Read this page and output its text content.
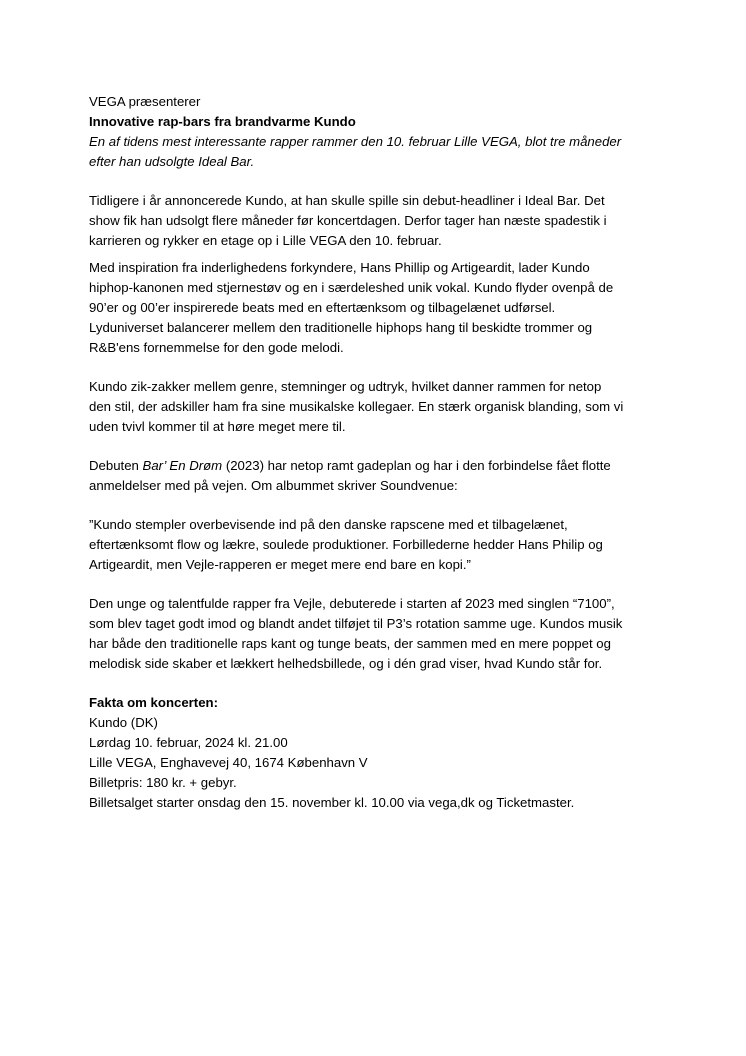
VEGA præsenterer
Innovative rap-bars fra brandvarme Kundo
En af tidens mest interessante rapper rammer den 10. februar Lille VEGA, blot tre måneder
efter han udsolgte Ideal Bar.
Tidligere i år annoncerede Kundo, at han skulle spille sin debut-headliner i Ideal Bar. Det
show fik han udsolgt flere måneder før koncertdagen. Derfor tager han næste spadestik i
karrieren og rykker en etage op i Lille VEGA den 10. februar.
Med inspiration fra inderlighedens forkyndere, Hans Phillip og Artigeardit, lader Kundo
hiphop-kanonen med stjernestøv og en i særdeleshed unik vokal. Kundo flyder ovenpå de
90’er og 00’er inspirerede beats med en eftertænksom og tilbagelænet udførsel.
Lyduniverset balancerer mellem den traditionelle hiphops hang til beskidte trommer og
R&B'ens fornemmelse for den gode melodi.
Kundo zik-zakker mellem genre, stemninger og udtryk, hvilket danner rammen for netop
den stil, der adskiller ham fra sine musikalske kollegaer. En stærk organisk blanding, som vi
uden tvivl kommer til at høre meget mere til.
Debuten Bar’ En Drøm (2023) har netop ramt gadeplan og har i den forbindelse fået flotte
anmeldelser med på vejen. Om albummet skriver Soundvenue:
”Kundo stempler overbevisende ind på den danske rapscene med et tilbagelænet,
eftertænksomt flow og lækre, soulede produktioner. Forbillederne hedder Hans Philip og
Artigeardit, men Vejle-rapperen er meget mere end bare en kopi.”
Den unge og talentfulde rapper fra Vejle, debuterede i starten af 2023 med singlen “7100”,
som blev taget godt imod og blandt andet tilføjet til P3’s rotation samme uge. Kundos musik
har både den traditionelle raps kant og tunge beats, der sammen med en mere poppet og
melodisk side skaber et lækkert helhedsbillede, og i dén grad viser, hvad Kundo står for.
Fakta om koncerten:
Kundo (DK)
Lørdag 10. februar, 2024 kl. 21.00
Lille VEGA, Enghavevej 40, 1674 København V
Billetpris: 180 kr. + gebyr.
Billetsalget starter onsdag den 15. november kl. 10.00 via vega,dk og Ticketmaster.
